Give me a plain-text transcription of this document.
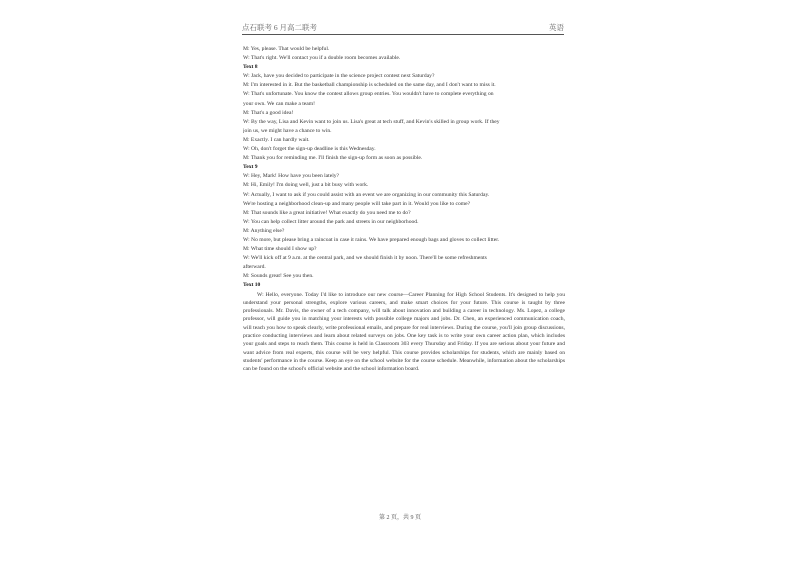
点石联考 6 月高二联考	英语
M: Yes, please. That would be helpful.
W: That's right. We'll contact you if a double room becomes available.
Text 8
W: Jack, have you decided to participate in the science project contest next Saturday?
M: I'm interested in it. But the basketball championship is scheduled on the same day, and I don't want to miss it.
W: That's unfortunate. You know the contest allows group entries. You wouldn't have to complete everything on
your own. We can make a team!
M: That's a good idea!
W: By the way, Lisa and Kevin want to join us. Lisa's great at tech stuff, and Kevin's skilled in group work. If they
join us, we might have a chance to win.
M: Exactly. I can hardly wait.
W: Oh, don't forget the sign-up deadline is this Wednesday.
M: Thank you for reminding me. I'll finish the sign-up form as soon as possible.
Text 9
W: Hey, Mark! How have you been lately?
M: Hi, Emily! I'm doing well, just a bit busy with work.
W: Actually, I want to ask if you could assist with an event we are organizing in our community this Saturday.
We're hosting a neighborhood clean-up and many people will take part in it. Would you like to come?
M: That sounds like a great initiative! What exactly do you need me to do?
W: You can help collect litter around the park and streets in our neighborhood.
M: Anything else?
W: No more, but please bring a raincoat in case it rains. We have prepared enough bags and gloves to collect litter.
M: What time should I show up?
W: We'll kick off at 9 a.m. at the central park, and we should finish it by noon. There'll be some refreshments
afterward.
M: Sounds great! See you then.
Text 10
W: Hello, everyone. Today I'd like to introduce our new course—Career Planning for High School Students. It's designed to help you understand your personal strengths, explore various careers, and make smart choices for your future. This course is taught by three professionals. Mr. Davis, the owner of a tech company, will talk about innovation and building a career in technology. Ms. Lopez, a college professor, will guide you in matching your interests with possible college majors and jobs. Dr. Chen, an experienced communication coach, will teach you how to speak clearly, write professional emails, and prepare for real interviews. During the course, you'll join group discussions, practice conducting interviews and learn about related surveys on jobs. One key task is to write your own career action plan, which includes your goals and steps to reach them. This course is held in Classroom 303 every Thursday and Friday. If you are serious about your future and want advice from real experts, this course will be very helpful. This course provides scholarships for students, which are mainly based on students' performance in the course. Keep an eye on the school website for the course schedule. Meanwhile, information about the scholarships can be found on the school's official website and the school information board.
第 2 页，共 9 页
